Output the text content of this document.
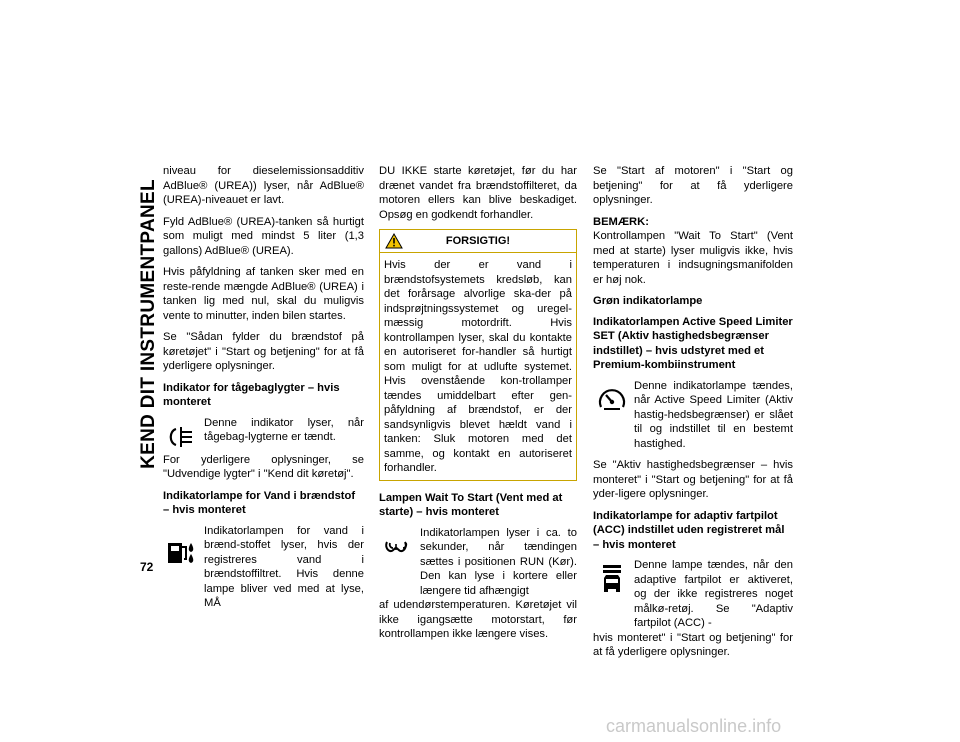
KEND DIT INSTRUMENTPANEL
72

niveau for dieselemissionsadditiv AdBlue® (UREA)) lyser, når AdBlue® (UREA)-niveauet er lavt.

Fyld AdBlue® (UREA)-tanken så hurtigt som muligt med mindst 5 liter (1,3 gallons) AdBlue® (UREA).

Hvis påfyldning af tanken sker med en reste-rende mængde AdBlue® (UREA) i tanken lig med nul, skal du muligvis vente to minutter, inden bilen startes.

Se "Sådan fylder du brændstof på køretøjet" i "Start og betjening" for at få yderligere oplysninger.

Indikator for tågebaglygter – hvis monteret

Denne indikator lyser, når tågebag-lygterne er tændt.

For yderligere oplysninger, se "Udvendige lygter" i "Kend dit køretøj".

Indikatorlampe for Vand i brændstof – hvis monteret

Indikatorlampen for vand i brænd-stoffet lyser, hvis der registreres vand i brændstoffiltret. Hvis denne lampe bliver ved med at lyse, MÅ

DU IKKE starte køretøjet, før du har drænet vandet fra brændstoffilteret, da motoren ellers kan blive beskadiget. Opsøg en godkendt forhandler.

FORSIGTIG!

Hvis der er vand i brændstofsystemets kredsløb, kan det forårsage alvorlige ska-der på indsprøjtningssystemet og uregel-mæssig motordrift. Hvis kontrollampen lyser, skal du kontakte en autoriseret for-handler så hurtigt som muligt for at udlufte systemet. Hvis ovenstående kon-trollamper tændes umiddelbart efter gen-påfyldning af brændstof, er der sandsynligvis blevet hældt vand i tanken: Sluk motoren med det samme, og kontakt en autoriseret forhandler.

Lampen Wait To Start (Vent med at starte) – hvis monteret

Indikatorlampen lyser i ca. to sekunder, når tændingen sættes i positionen RUN (Kør). Den kan lyse i kortere eller længere tid afhængigt

af udendørstemperaturen. Køretøjet vil ikke igangsætte motorstart, før kontrollampen ikke længere vises.

Se "Start af motoren" i "Start og betjening" for at få yderligere oplysninger.

BEMÆRK:

Kontrollampen "Wait To Start" (Vent med at starte) lyser muligvis ikke, hvis temperaturen i indsugningsmanifolden er høj nok.

Grøn indikatorlampe
Indikatorlampen Active Speed Limiter SET (Aktiv hastighedsbegrænser indstillet) – hvis udstyret med et Premium-kombiinstrument

Denne indikatorlampe tændes, når Active Speed Limiter (Aktiv hastig-hedsbegrænser) er slået til og indstillet til en bestemt hastighed.

Se "Aktiv hastighedsbegrænser – hvis monteret" i "Start og betjening" for at få yder-ligere oplysninger.

Indikatorlampe for adaptiv fartpilot (ACC) indstillet uden registreret mål – hvis monteret

Denne lampe tændes, når den adaptive fartpilot er aktiveret, og der ikke registreres noget målkø-retøj. Se "Adaptiv fartpilot (ACC) -

hvis monteret" i "Start og betjening" for at få yderligere oplysninger.

carmanualsonline.info
